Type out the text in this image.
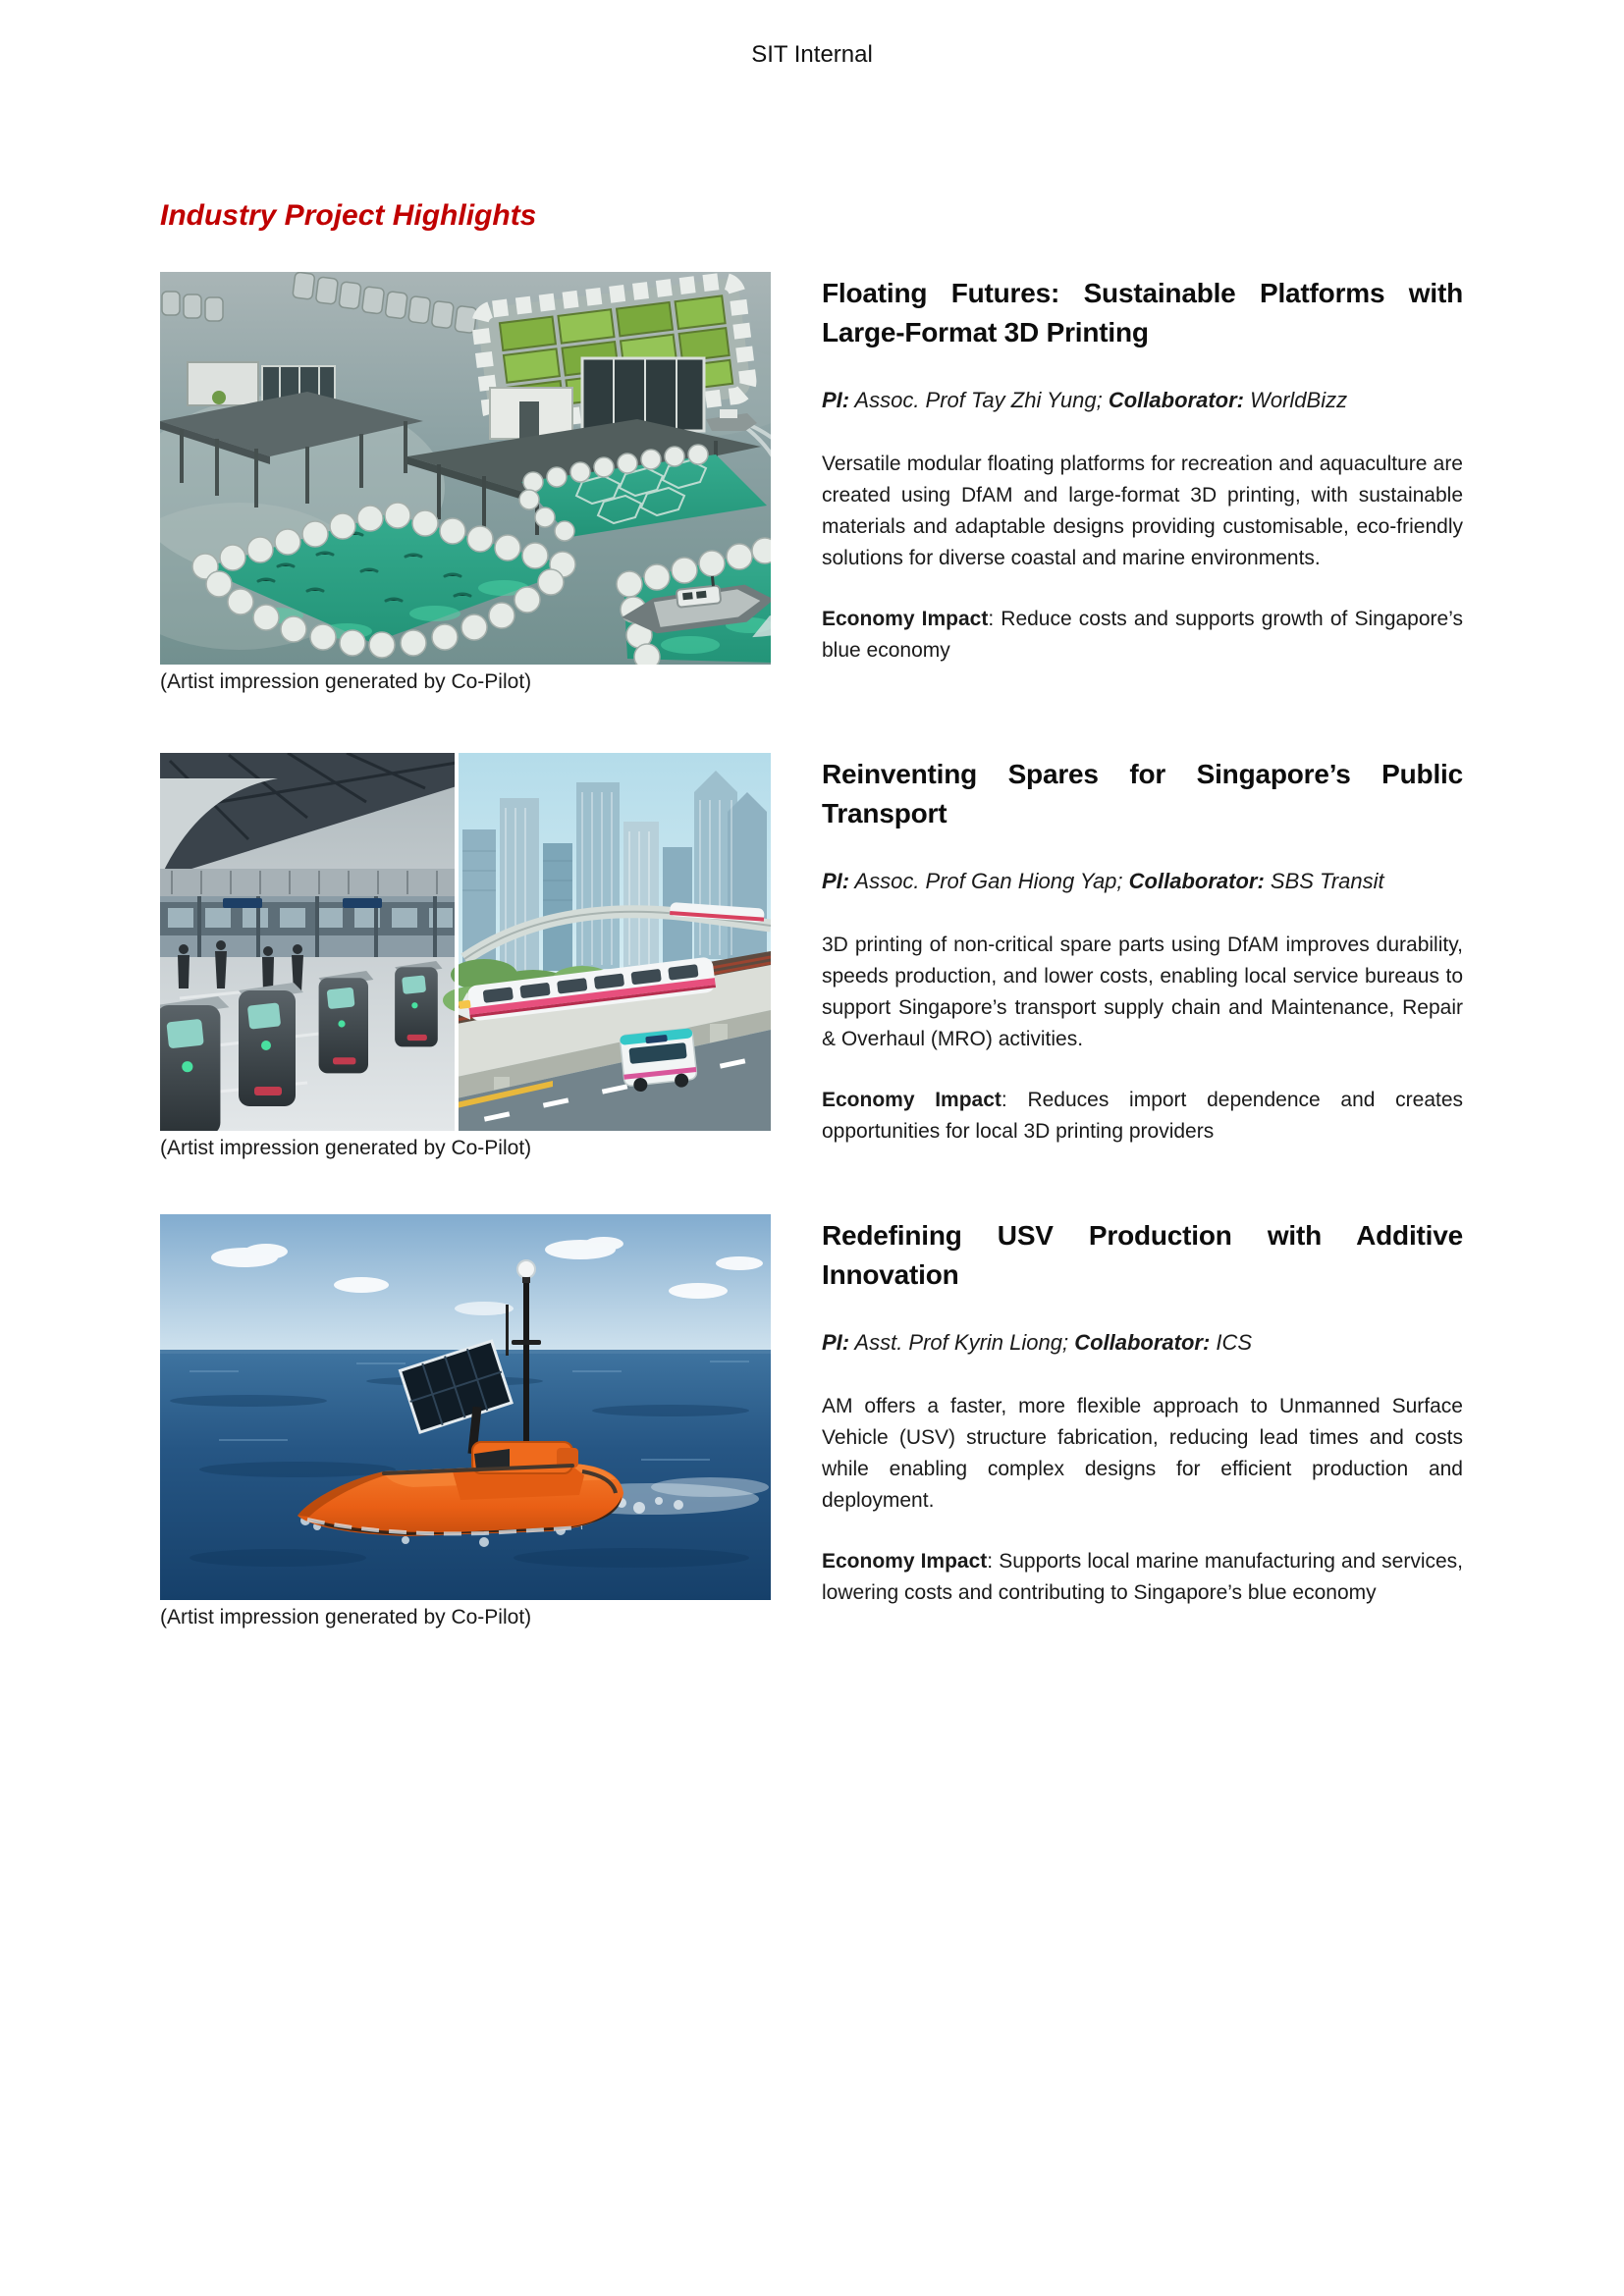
SIT Internal
Industry Project Highlights
(Artist impression generated by Co-Pilot)
Floating Futures: Sustainable Platforms with Large-Format 3D Printing
PI: Assoc. Prof Tay Zhi Yung; Collaborator: WorldBizz
Versatile modular floating platforms for recreation and aquaculture are created using DfAM and large-format 3D printing, with sustainable materials and adaptable designs providing customisable, eco-friendly solutions for diverse coastal and marine environments.
Economy Impact: Reduce costs and supports growth of Singapore’s blue economy
(Artist impression generated by Co-Pilot)
Reinventing Spares for Singapore’s Public Transport
PI: Assoc. Prof Gan Hiong Yap; Collaborator: SBS Transit
3D printing of non-critical spare parts using DfAM improves durability, speeds production, and lower costs, enabling local service bureaus to support Singapore’s transport supply chain and Maintenance, Repair & Overhaul (MRO) activities.
Economy Impact: Reduces import dependence and creates opportunities for local 3D printing providers
(Artist impression generated by Co-Pilot)
Redefining USV Production with Additive Innovation
PI: Asst. Prof Kyrin Liong; Collaborator: ICS
AM offers a faster, more flexible approach to Unmanned Surface Vehicle (USV) structure fabrication, reducing lead times and costs while enabling complex designs for efficient production and deployment.
Economy Impact: Supports local marine manufacturing and services, lowering costs and contributing to Singapore’s blue economy
